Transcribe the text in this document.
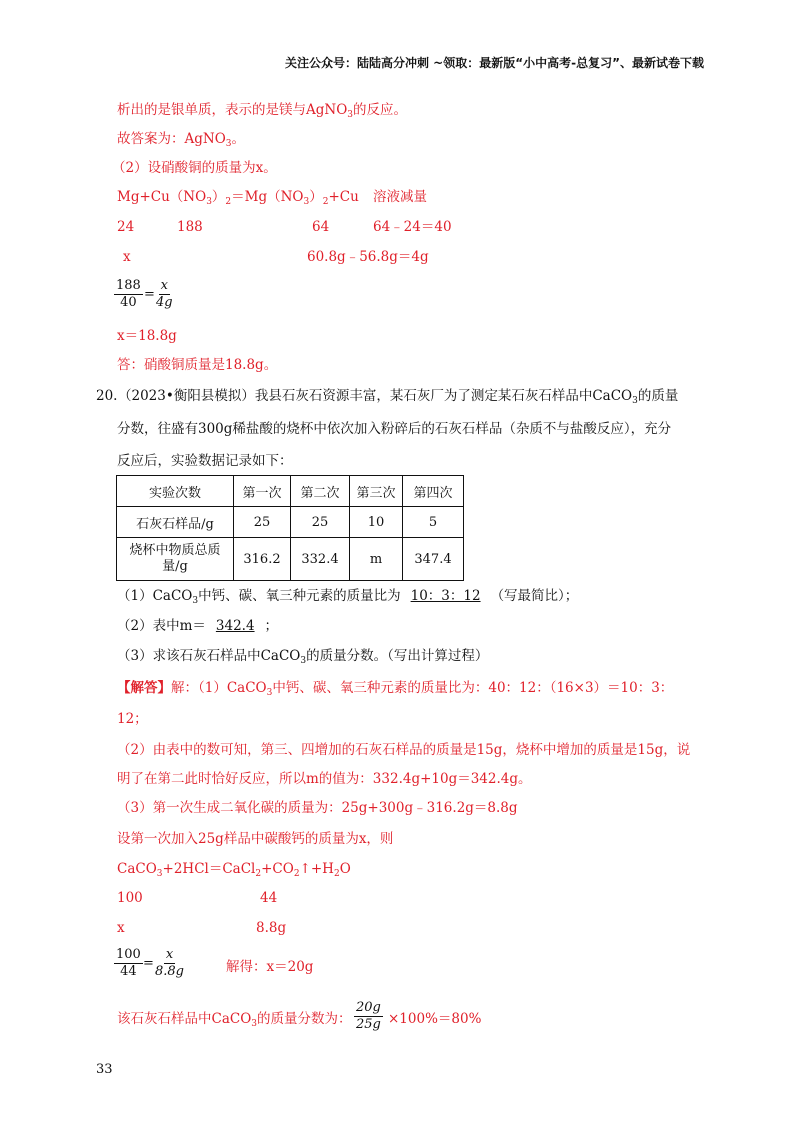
关注公众号：陆陆高分冲刺 ~领取：最新版“小中高考-总复习”、最新试卷下载
析出的是银单质，表示的是镁与AgNO$_3$的反应。
故答案为：AgNO$_3$。
（2）设硝酸铜的质量为x。
$Mg+Cu(NO_3)_2=Mg(NO_3)_2+Cu$ 溶液减量
24	188	64	64﹣24＝40
x	60.8g﹣56.8g＝4g
$\frac{188}{40} = \frac{x}{4g}$
x＝18.8g
答：硝酸铜质量是18.8g。
20. （2023•衡阳县模拟）我县石灰石资源丰富，某石灰厂为了测定某石灰石样品中CaCO$_3$的质量
分数，往盛有300g稀盐酸的烧杯中依次加入粉碎后的石灰石样品（杂质不与盐酸反应），充分
反应后，实验数据记录如下：
实验次数	第一次	第二次	第三次	第四次
石灰石样品/g	25	25	10	5
烧杯中物质总质量/g	316.2	332.4	m	347.4
（1）CaCO$_3$中钙、碳、氧三种元素的质量比为 10：3：12 （写最简比）；
（2）表中m＝ 342.4 ；
（3）求该石灰石样品中CaCO$_3$的质量分数。（写出计算过程）
【解答】解：（1）CaCO$_3$中钙、碳、氧三种元素的质量比为：40：12：（16×3）＝10：3：
12；
（2）由表中的数可知，第三、四增加的石灰石样品的质量是15g，烧杯中增加的质量是15g，说
明了在第二此时恰好反应，所以m的值为：332.4g+10g＝342.4g。
（3）第一次生成二氧化碳的质量为：25g+300g﹣316.2g＝8.8g
设第一次加入25g样品中碳酸钙的质量为x，则
$CaCO_3+2HCl=CaCl_2+CO_2↑+H_2O$
100	44
x	8.8g
$\frac{100}{44} = \frac{x}{8.8g}$	解得：x＝20g
该石灰石样品中CaCO$_3$的质量分数为： $\frac{20g}{25g} \times 100\%=80\%$
33
